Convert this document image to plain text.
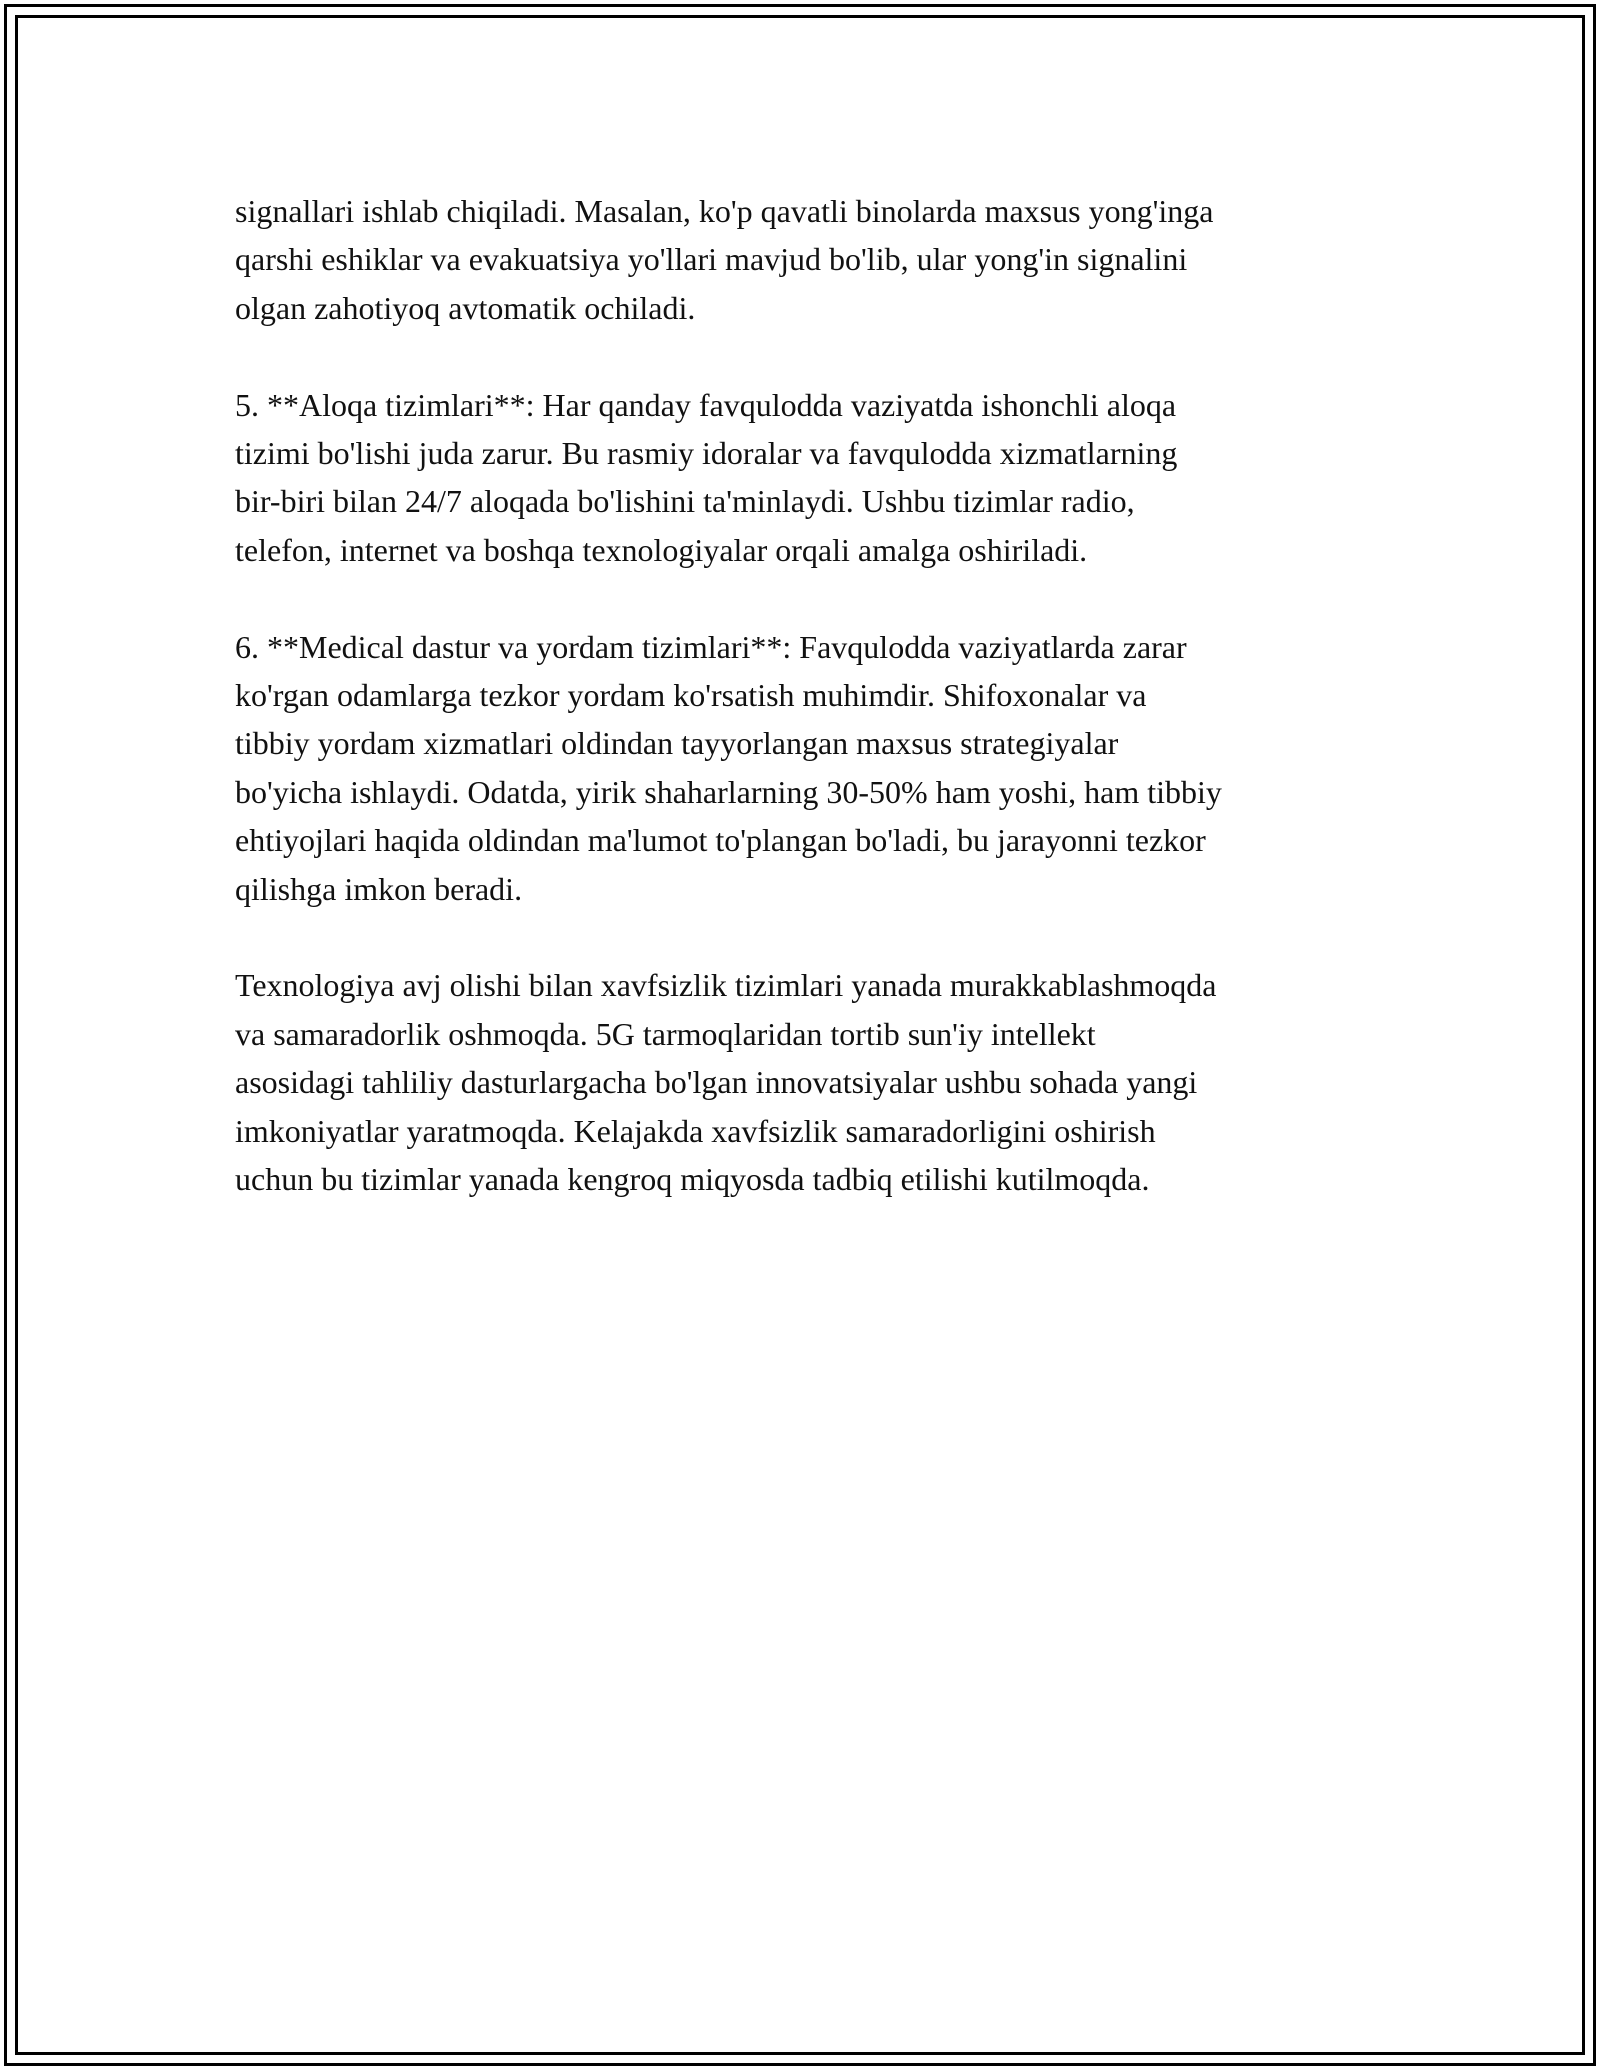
signallari ishlab chiqiladi. Masalan, ko'p qavatli binolarda maxsus yong'inga
qarshi eshiklar va evakuatsiya yo'llari mavjud bo'lib, ular yong'in signalini
olgan zahotiyoq avtomatik ochiladi.

5. **Aloqa tizimlari**: Har qanday favqulodda vaziyatda ishonchli aloqa
tizimi bo'lishi juda zarur. Bu rasmiy idoralar va favqulodda xizmatlarning
bir-biri bilan 24/7 aloqada bo'lishini ta'minlaydi. Ushbu tizimlar radio,
telefon, internet va boshqa texnologiyalar orqali amalga oshiriladi.

6. **Medical dastur va yordam tizimlari**: Favqulodda vaziyatlarda zarar
ko'rgan odamlarga tezkor yordam ko'rsatish muhimdir. Shifoxonalar va
tibbiy yordam xizmatlari oldindan tayyorlangan maxsus strategiyalar
bo'yicha ishlaydi. Odatda, yirik shaharlarning 30-50% ham yoshi, ham tibbiy
ehtiyojlari haqida oldindan ma'lumot to'plangan bo'ladi, bu jarayonni tezkor
qilishga imkon beradi.

Texnologiya avj olishi bilan xavfsizlik tizimlari yanada murakkablashmoqda
va samaradorlik oshmoqda. 5G tarmoqlaridan tortib sun'iy intellekt
asosidagi tahliliy dasturlargacha bo'lgan innovatsiyalar ushbu sohada yangi
imkoniyatlar yaratmoqda. Kelajakda xavfsizlik samaradorligini oshirish
uchun bu tizimlar yanada kengroq miqyosda tadbiq etilishi kutilmoqda.
